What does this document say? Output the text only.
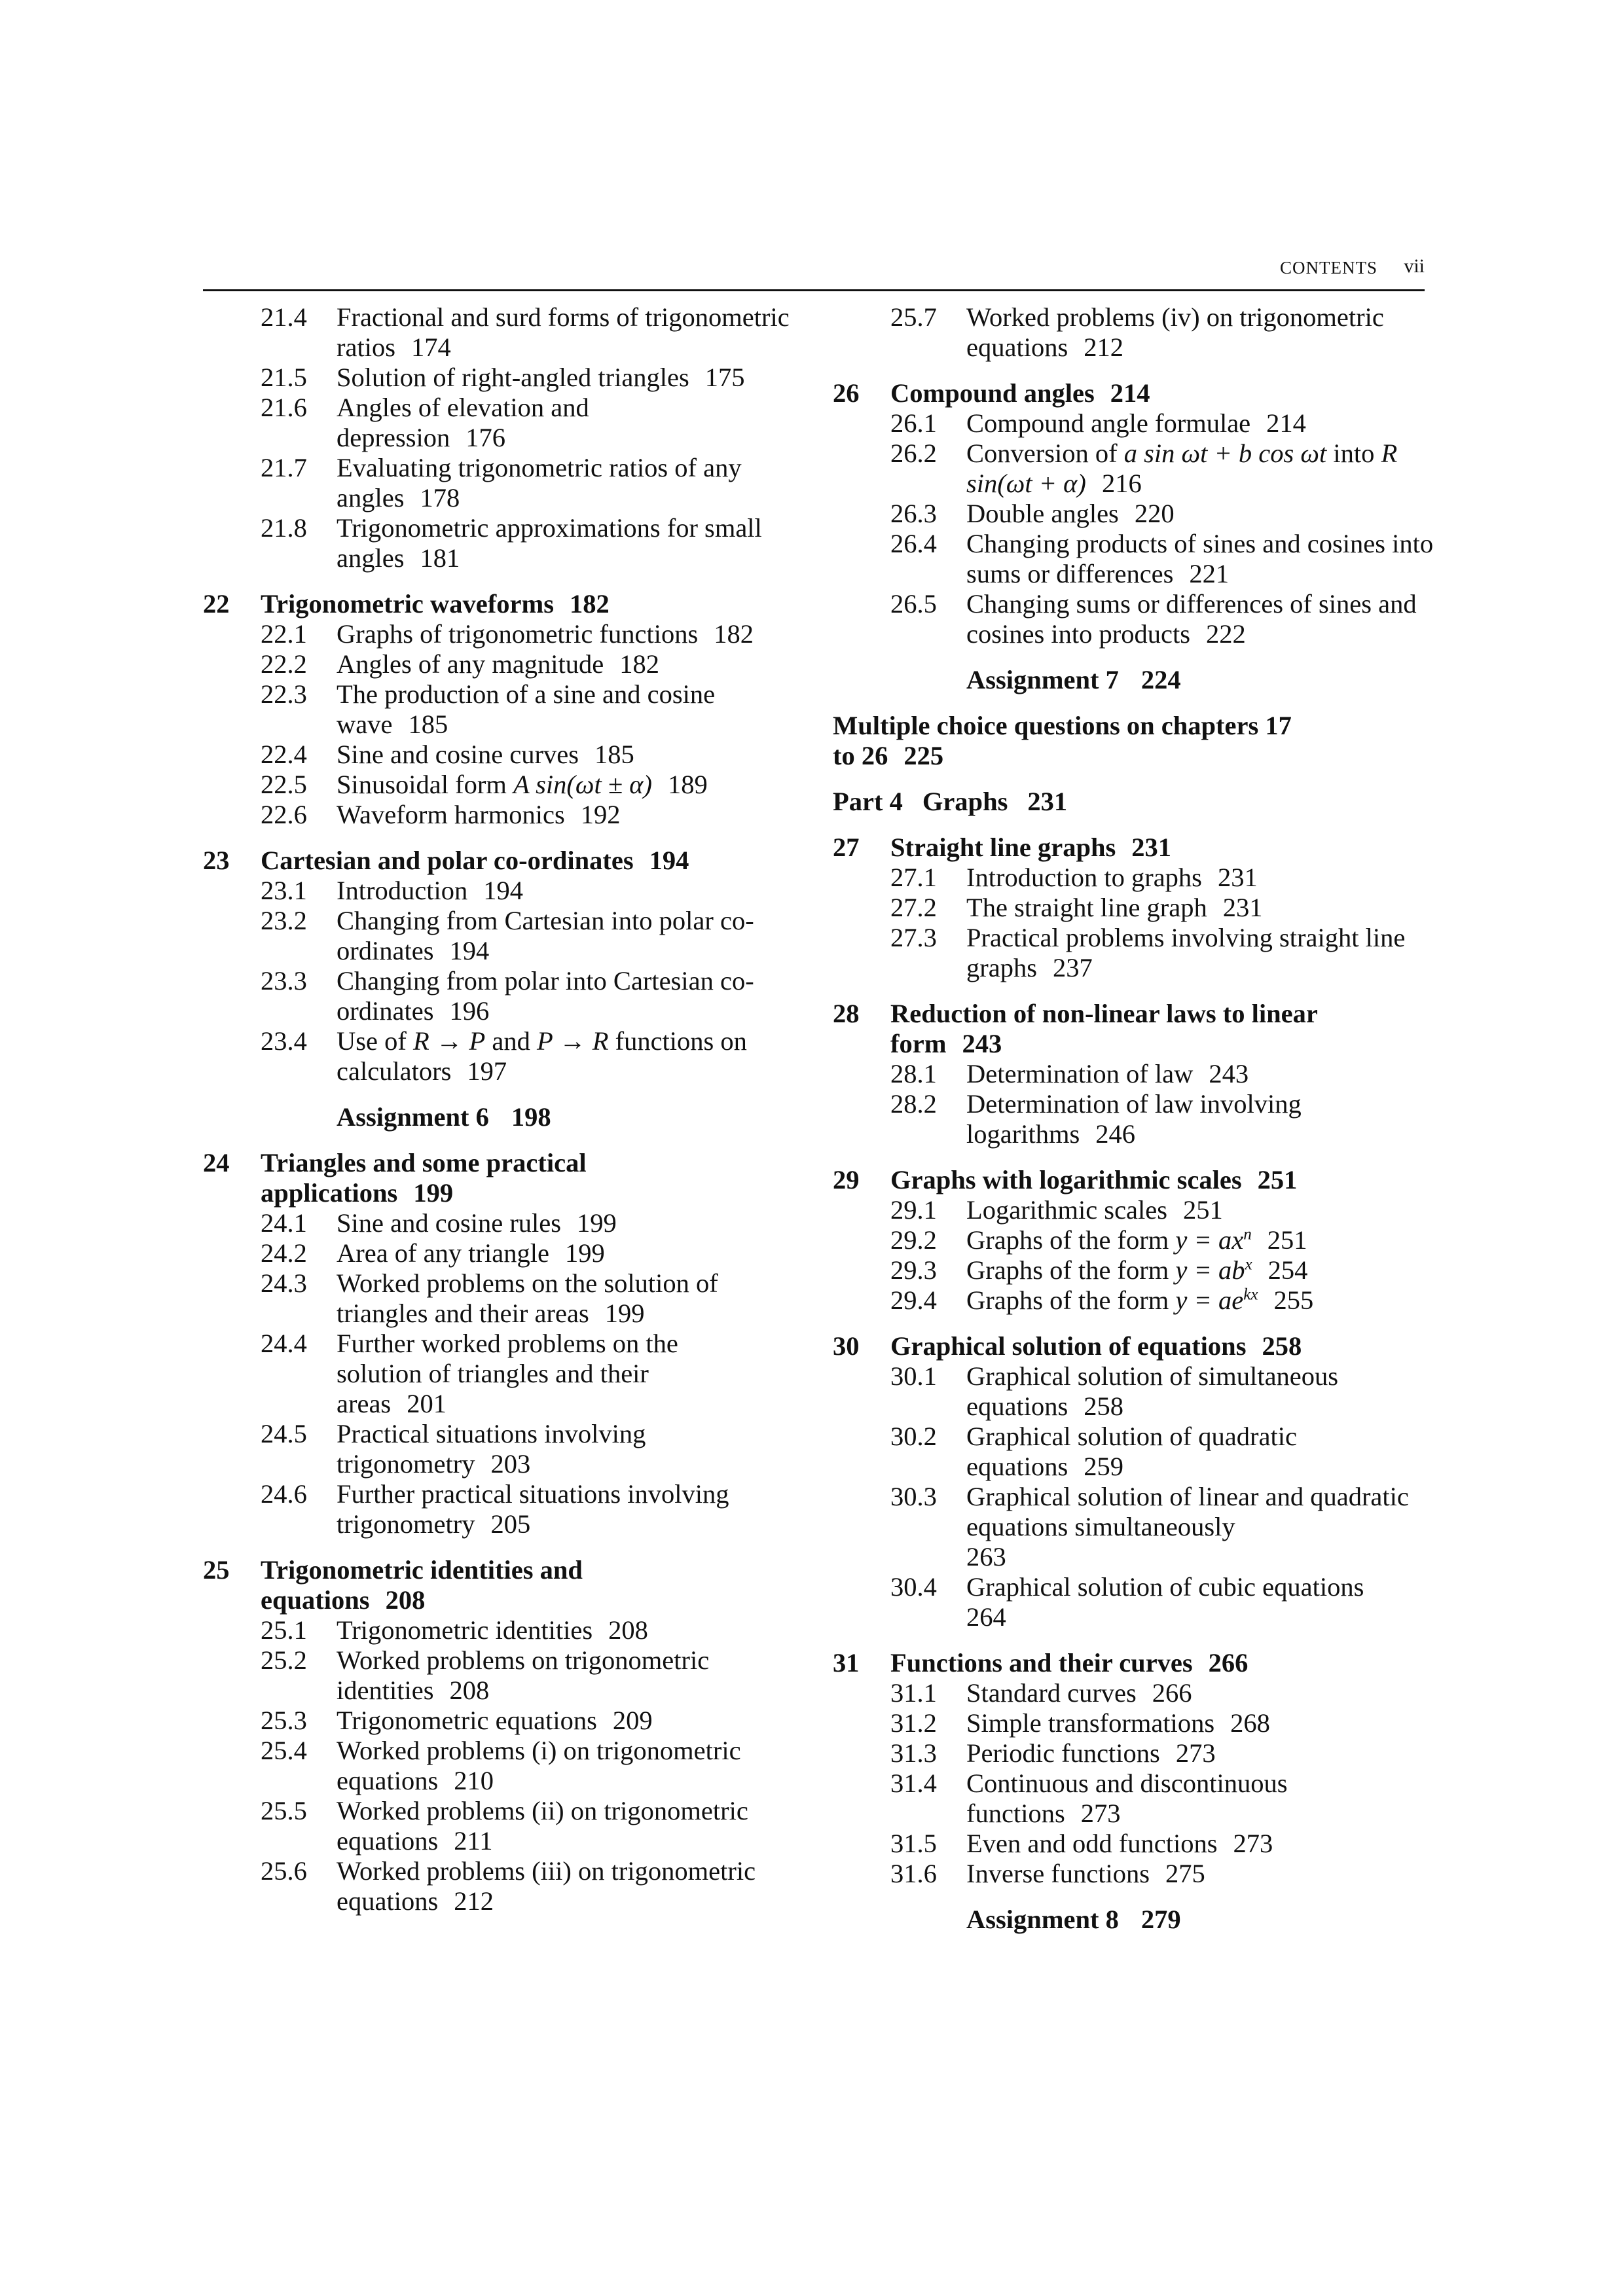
CONTENTS vii
21.4	Fractional and surd forms of trigonometric ratios 174
21.5	Solution of right-angled triangles 175
21.6	Angles of elevation and depression 176
21.7	Evaluating trigonometric ratios of any angles 178
21.8	Trigonometric approximations for small angles 181
22	Trigonometric waveforms 182
22.1	Graphs of trigonometric functions 182
22.2	Angles of any magnitude 182
22.3	The production of a sine and cosine wave 185
22.4	Sine and cosine curves 185
22.5	Sinusoidal form A sin(ωt ± α) 189
22.6	Waveform harmonics 192
23	Cartesian and polar co-ordinates 194
23.1	Introduction 194
23.2	Changing from Cartesian into polar co-ordinates 194
23.3	Changing from polar into Cartesian co-ordinates 196
23.4	Use of R → P and P → R functions on calculators 197
Assignment 6 198
24	Triangles and some practical applications 199
24.1	Sine and cosine rules 199
24.2	Area of any triangle 199
24.3	Worked problems on the solution of triangles and their areas 199
24.4	Further worked problems on the solution of triangles and their areas 201
24.5	Practical situations involving trigonometry 203
24.6	Further practical situations involving trigonometry 205
25	Trigonometric identities and equations 208
25.1	Trigonometric identities 208
25.2	Worked problems on trigonometric identities 208
25.3	Trigonometric equations 209
25.4	Worked problems (i) on trigonometric equations 210
25.5	Worked problems (ii) on trigonometric equations 211
25.6	Worked problems (iii) on trigonometric equations 212
25.7	Worked problems (iv) on trigonometric equations 212
26	Compound angles 214
26.1	Compound angle formulae 214
26.2	Conversion of a sin ωt + b cos ωt into R sin(ωt + α) 216
26.3	Double angles 220
26.4	Changing products of sines and cosines into sums or differences 221
26.5	Changing sums or differences of sines and cosines into products 222
Assignment 7 224
Multiple choice questions on chapters 17
to 26 225
Part 4 Graphs 231
27	Straight line graphs 231
27.1	Introduction to graphs 231
27.2	The straight line graph 231
27.3	Practical problems involving straight line graphs 237
28	Reduction of non-linear laws to linear form 243
28.1	Determination of law 243
28.2	Determination of law involving logarithms 246
29	Graphs with logarithmic scales 251
29.1	Logarithmic scales 251
29.2	Graphs of the form $y = ax^n$ 251
29.3	Graphs of the form $y = ab^x$ 254
29.4	Graphs of the form $y = ae^{kx}$ 255
30	Graphical solution of equations 258
30.1	Graphical solution of simultaneous equations 258
30.2	Graphical solution of quadratic equations 259
30.3	Graphical solution of linear and quadratic equations simultaneously
263
30.4	Graphical solution of cubic equations
264
31	Functions and their curves 266
31.1	Standard curves 266
31.2	Simple transformations 268
31.3	Periodic functions 273
31.4	Continuous and discontinuous functions 273
31.5	Even and odd functions 273
31.6	Inverse functions 275
Assignment 8 279
